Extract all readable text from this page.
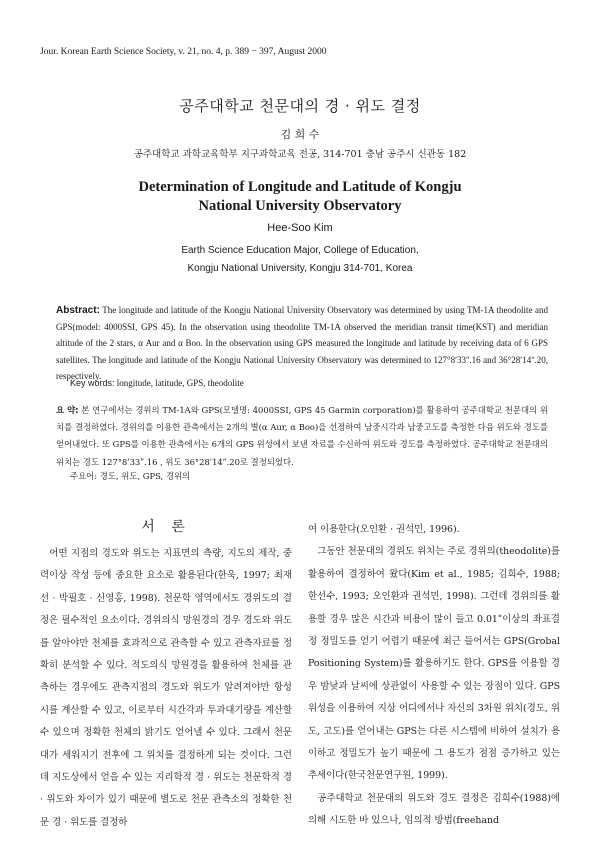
Jour. Korean Earth Science Society, v. 21, no. 4, p. 389 − 397, August 2000
공주대학교 천문대의 경 · 위도 결정
김 희 수
공주대학교 과학교육학부 지구과학교육 전공, 314-701 충남 공주시 신관동 182
Determination of Longitude and Latitude of Kongju
National University Observatory
Hee-Soo Kim
Earth Science Education Major, College of Education,
Kongju National University, Kongju 314-701, Korea

Abstract: The longitude and latitude of the Kongju National University Observatory was determined by using TM-1A theodolite and GPS(model: 4000SSI, GPS 45). In the observation using theodolite TM-1A observed the meridian transit time(KST) and meridian altitude of the 2 stars, α Aur and α Boo. In the observation using GPS measured the longitude and latitude by receiving data of 6 GPS satellites. The longitude and latitude of the Kongju National University Observatory was determined to 127°8ʹ33ʺ.16 and 36°28ʹ14ʺ.20, respectively.

Key words: longitude, latitude, GPS, theodolite

요 약: 본 연구에서는 경위의 TM-1A와 GPS(모델명: 4000SSI, GPS 45 Garmin corporation)를 활용하여 공주대학교 천문대의 위치를 결정하였다. 경위의를 이용한 관측에서는 2개의 별(α Aur, α Boo)을 선정하여 남중시각과 남중고도를 측정한 다음 위도와 경도를 얻어내었다. 또 GPS를 이용한 관측에서는 6개의 GPS 위성에서 보낸 자료를 수신하여 위도와 경도를 측정하였다. 공주대학교 천문대의 위치는 경도 127°8ʹ33ʺ.16 , 위도 36°28ʹ14ʺ.20로 결정되었다.

주요어: 경도, 위도, GPS, 경위의
서 론

어떤 지점의 경도와 위도는 지표면의 측량, 지도의 제작, 중력이상 작성 등에 중요한 요소로 활용된다(한욱, 1997; 최재선 · 박필호 · 신영홍, 1998). 천문학 영역에서도 경위도의 결정은 필수적인 요소이다. 경위의식 망원경의 경우 경도와 위도를 알아야만 천체를 효과적으로 관측할 수 있고 관측자료를 정확히 분석할 수 있다. 적도의식 망원경을 활용하여 천체를 관측하는 경우에도 관측지점의 경도와 위도가 알려져야만 항성시를 계산할 수 있고, 이로부터 시간각과 투과대기량을 계산할 수 있으며 정확한 천체의 밝기도 얻어낼 수 있다. 그래서 천문대가 세워지기 전후에 그 위치를 결정하게 되는 것이다. 그런데 지도상에서 얻을 수 있는 지리학적 경 · 위도는 천문학적 경 · 위도와 차이가 있기 때문에 별도로 천문 관측소의 정확한 천문 경 · 위도를 결정하

여 이용한다(오인환 · 권석민, 1996).

그동안 천문대의 경위도 위치는 주로 경위의(theodolite)를 활용하여 결정하여 왔다(Kim et al., 1985; 김희수, 1988; 한선수, 1993; 오인환과 권석민, 1998). 그런데 경위의를 활용할 경우 많은 시간과 비용이 많이 들고 0.01ʺ이상의 좌표결정 정밀도를 얻기 어렵기 때문에 최근 들어서는 GPS(Grobal Positioning System)를 활용하기도 한다. GPS를 이용할 경우 밤낮과 날씨에 상관없이 사용할 수 있는 장점이 있다. GPS 위성을 이용하여 지상 어디에서나 자신의 3차원 위치(경도, 위도, 고도)를 얻어내는 GPS는 다른 시스템에 비하여 설치가 용이하고 정밀도가 높기 때문에 그 용도가 점점 증가하고 있는 추세이다(한국천문연구원, 1999).

공주대학교 천문대의 위도와 경도 결정은 김희수(1988)에 의해 시도한 바 있으나, 임의적 방법(freehand
